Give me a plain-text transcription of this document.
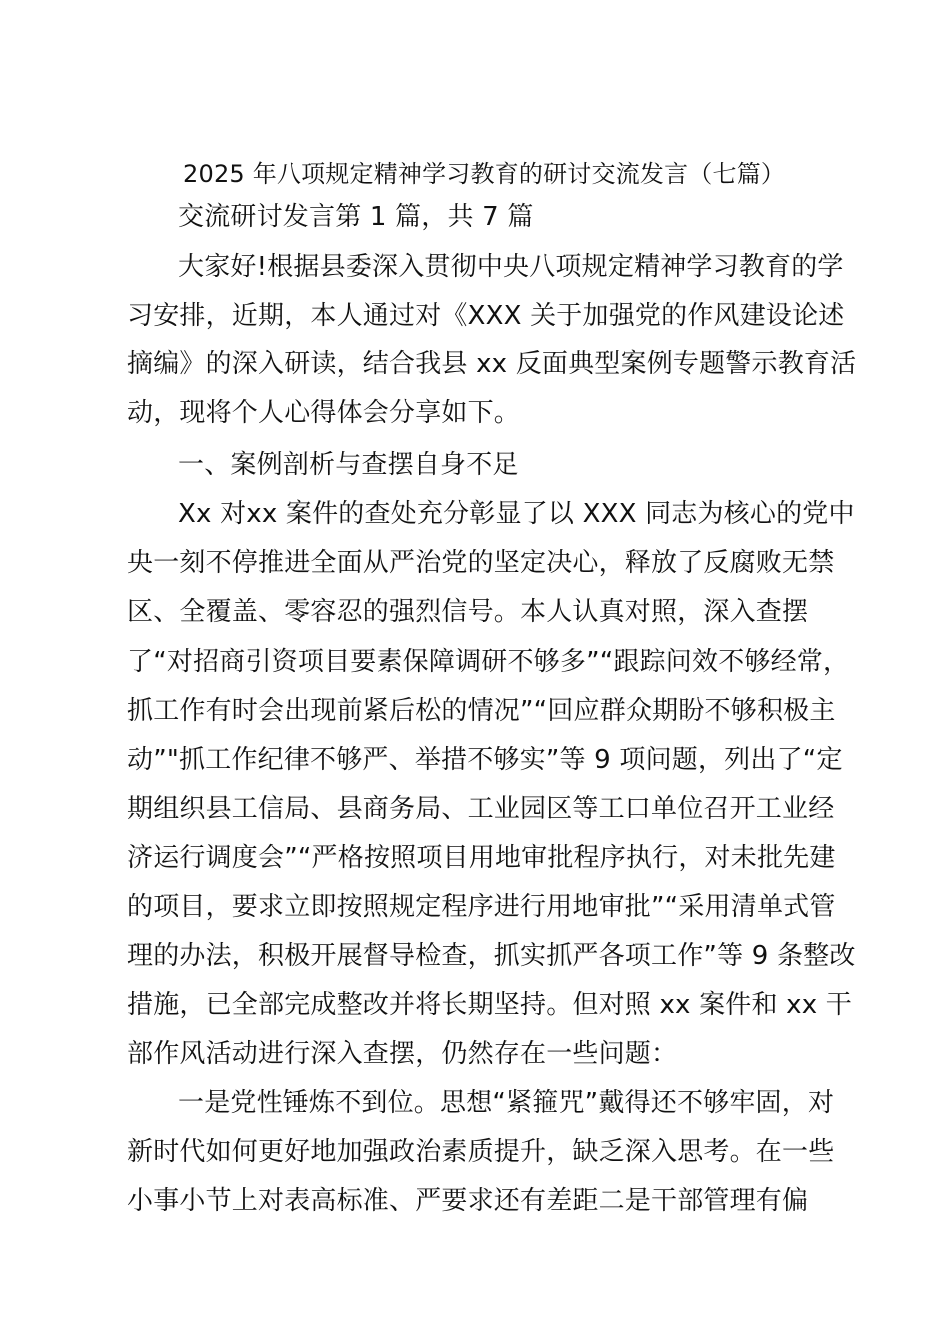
2025 年八项规定精神学习教育的研讨交流发言（七篇）
交流研讨发言第 1 篇，共 7 篇
大家好!根据县委深入贯彻中央八项规定精神学习教育的学
习安排，近期，本人通过对《XXX 关于加强党的作风建设论述
摘编》的深入研读，结合我县 xx 反面典型案例专题警示教育活
动，现将个人心得体会分享如下。
一、案例剖析与查摆自身不足
Xx 对xx 案件的查处充分彰显了以 XXX 同志为核心的党中
央一刻不停推进全面从严治党的坚定决心，释放了反腐败无禁
区、全覆盖、零容忍的强烈信号。本人认真对照，深入查摆
了“对招商引资项目要素保障调研不够多”“跟踪问效不够经常，
抓工作有时会出现前紧后松的情况”“回应群众期盼不够积极主
动”"抓工作纪律不够严、举措不够实”等 9 项问题，列出了“定
期组织县工信局、县商务局、工业园区等工口单位召开工业经
济运行调度会”“严格按照项目用地审批程序执行，对未批先建
的项目，要求立即按照规定程序进行用地审批”“采用清单式管
理的办法，积极开展督导检查，抓实抓严各项工作”等 9 条整改
措施，已全部完成整改并将长期坚持。但对照 xx 案件和 xx 干
部作风活动进行深入查摆，仍然存在一些问题：
一是党性锤炼不到位。思想“紧箍咒”戴得还不够牢固，对
新时代如何更好地加强政治素质提升，缺乏深入思考。在一些
小事小节上对表高标准、严要求还有差距二是干部管理有偏
